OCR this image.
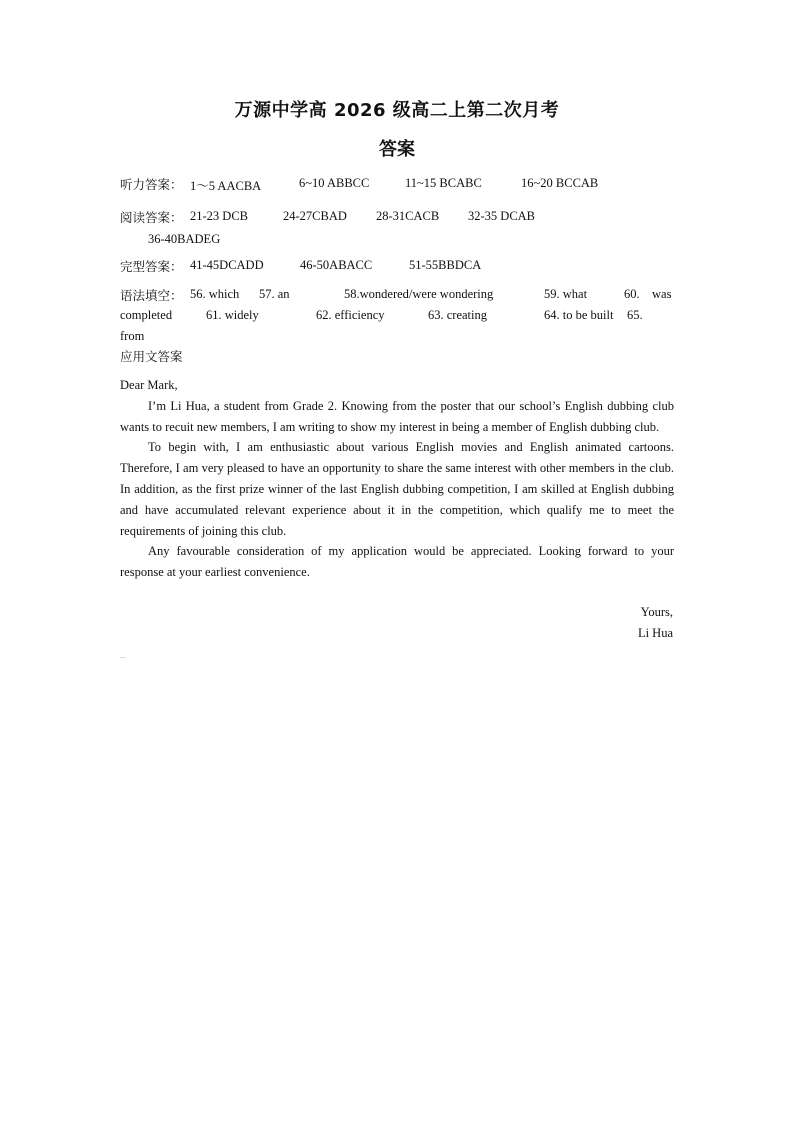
万源中学高 2026 级高二上第二次月考
答案
听力答案： 1～5 AACBA	6~10 ABBCC	11~15 BCABC	16~20 BCCAB
阅读答案： 21-23 DCB	24-27CBAD 28-31CACB 32-35 DCAB
36-40BADEG
完型答案： 41-45DCADD	46-50ABACC	51-55BBDCA
语法填空： 56. which 57. an	58.wondered/were wondering	59. what	60. was
completed	61. widely	62. efficiency	63. creating	64. to be built 65.
from
应用文答案

Dear Mark,

I’m Li Hua, a student from Grade 2. Knowing from the poster that our school’s English dubbing club wants to recuit new members, I am writing to show my interest in being a member of English dubbing club.

To begin with, I am enthusiastic about various English movies and English animated cartoons. Therefore, I am very pleased to have an opportunity to share the same interest with other members in the club. In addition, as the first prize winner of the last English dubbing competition, I am skilled at English dubbing and have accumulated relevant experience about it in the competition, which qualify me to meet the requirements of joining this club.

Any favourable consideration of my application would be appreciated. Looking forward to your response at your earliest convenience.

Yours,
Li Hua
